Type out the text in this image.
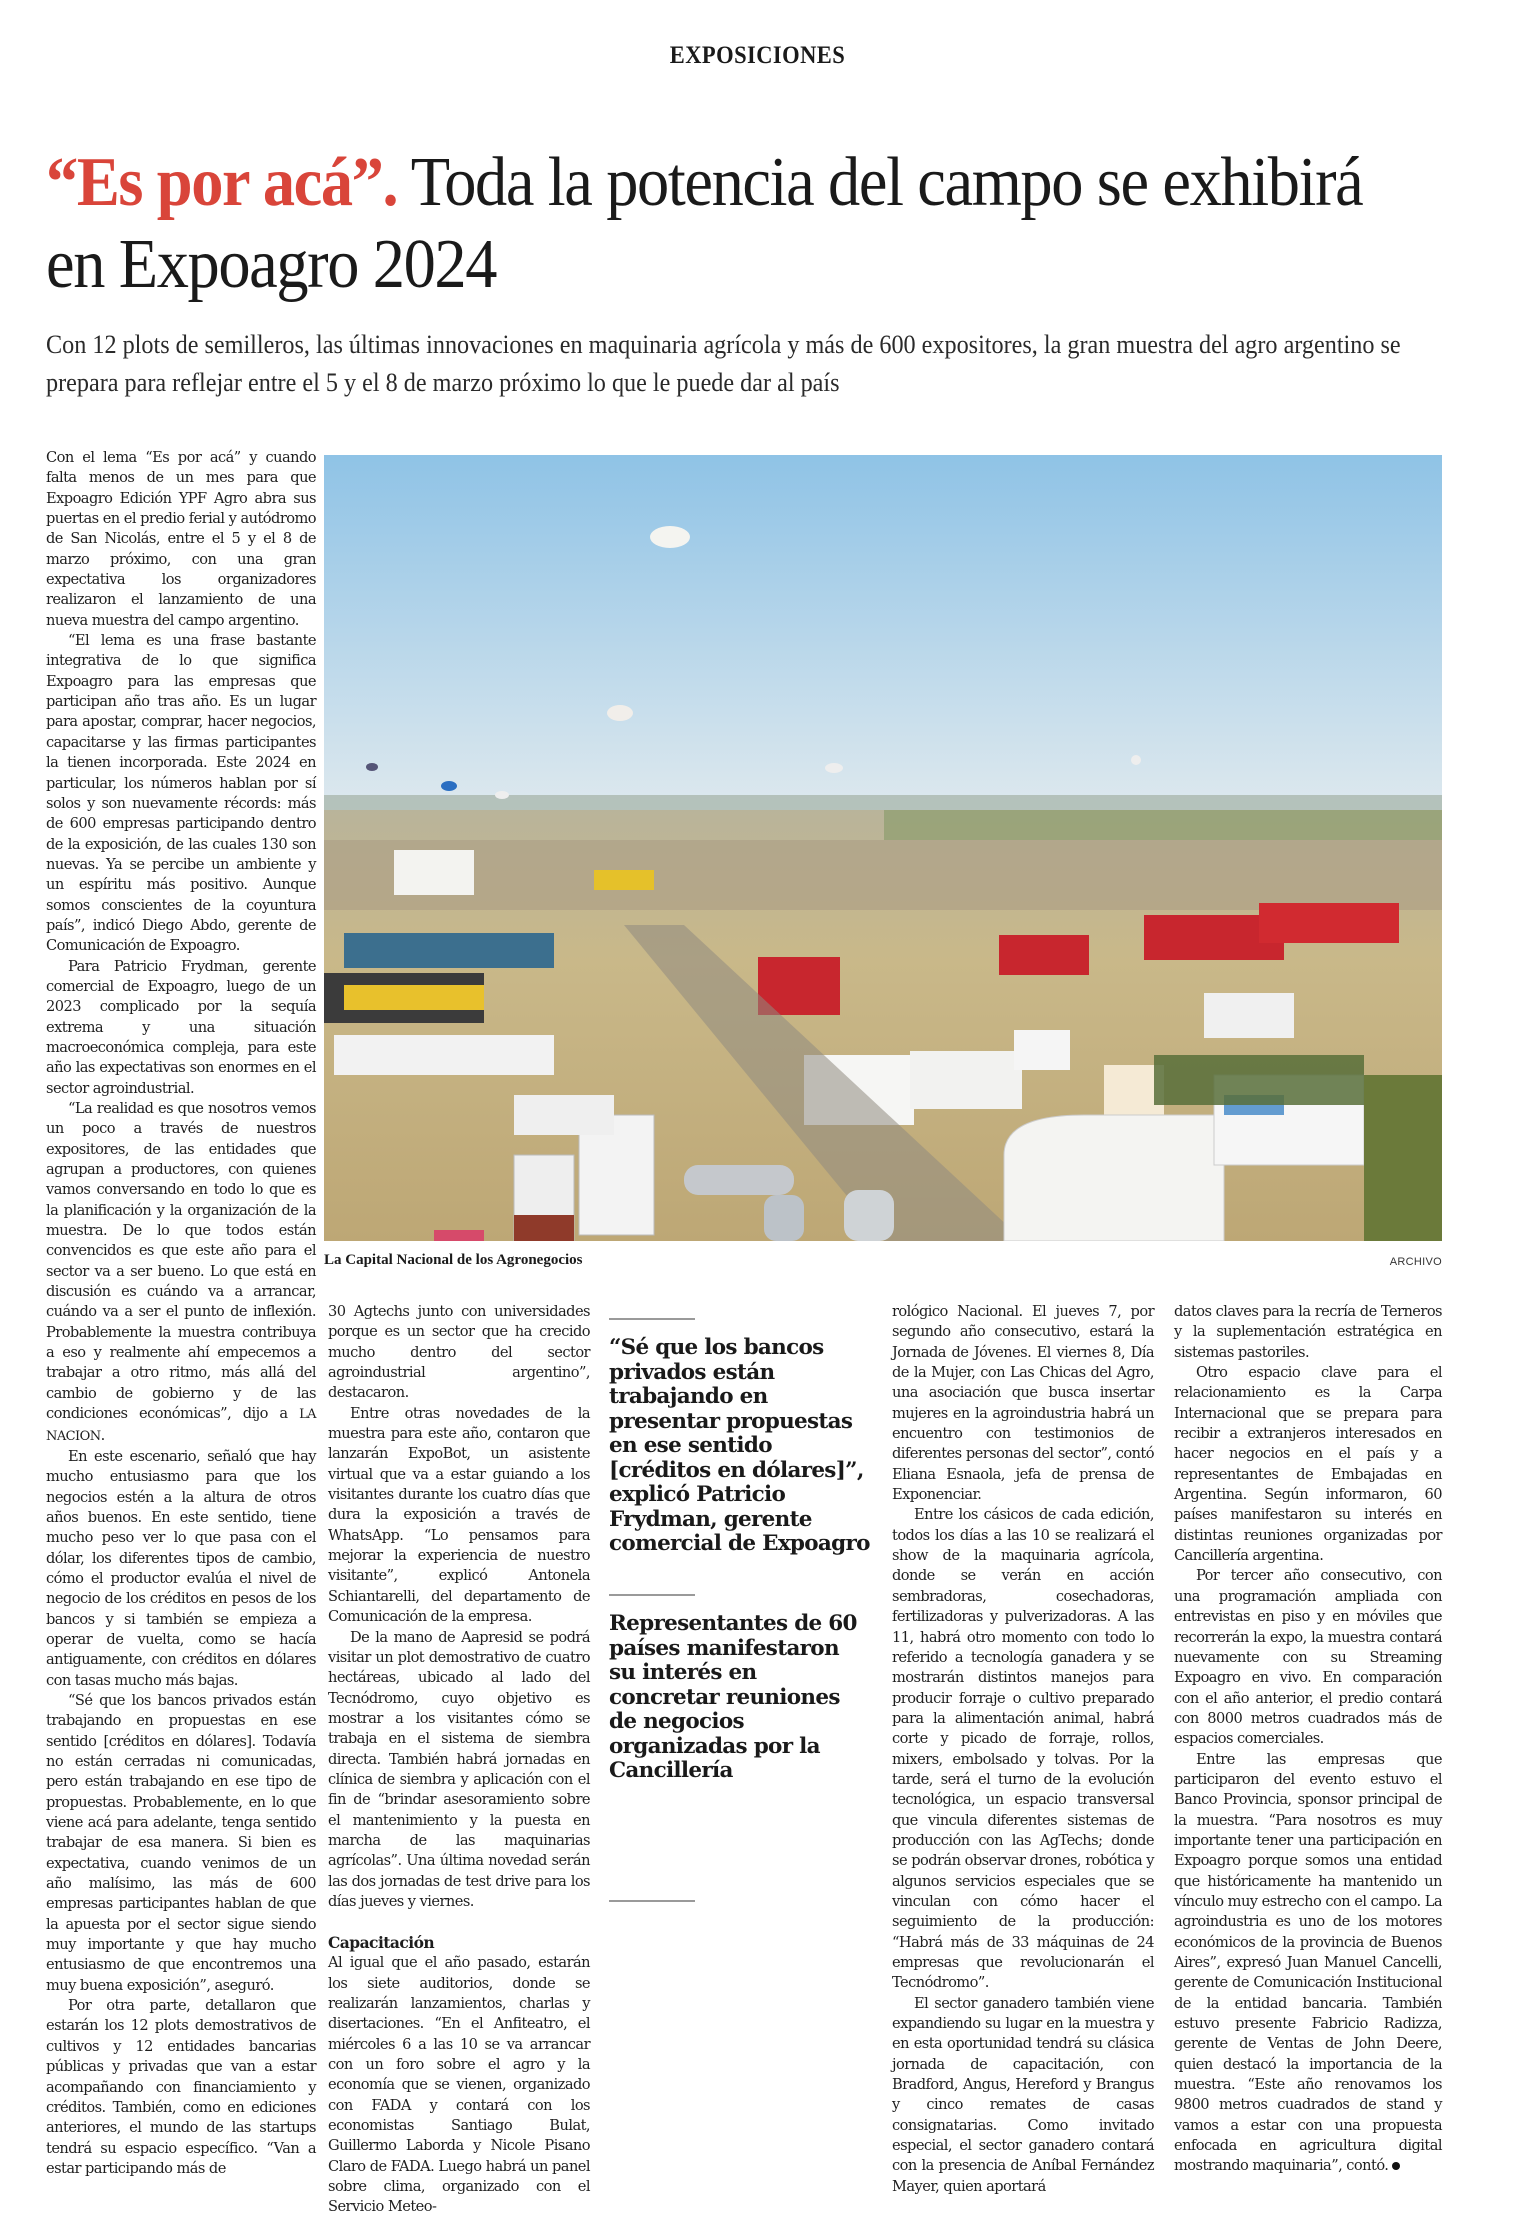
EXPOSICIONES
“Es por acá”. Toda la potencia del campo se exhibirá en Expoagro 2024
Con 12 plots de semilleros, las últimas innovaciones en maquinaria agrícola y más de 600 expositores, la gran muestra del agro argentino se prepara para reflejar entre el 5 y el 8 de marzo próximo lo que le puede dar al país

Con el lema “Es por acá” y cuando falta menos de un mes para que Expoagro Edición YPF Agro abra sus puertas en el predio ferial y autódromo de San Nicolás, entre el 5 y el 8 de marzo próximo, con una gran expectativa los organizadores realizaron el lanzamiento de una nueva muestra del campo argentino.

“El lema es una frase bastante integrativa de lo que significa Expoagro para las empresas que participan año tras año. Es un lugar para apostar, comprar, hacer negocios, capacitarse y las firmas participantes la tienen incorporada. Este 2024 en particular, los números hablan por sí solos y son nuevamente récords: más de 600 empresas participando dentro de la exposición, de las cuales 130 son nuevas. Ya se percibe un ambiente y un espíritu más positivo. Aunque somos conscientes de la coyuntura país”, indicó Diego Abdo, gerente de Comunicación de Expoagro.

Para Patricio Frydman, gerente comercial de Expoagro, luego de un 2023 complicado por la sequía extrema y una situación macroeconómica compleja, para este año las expectativas son enormes en el sector agroindustrial.

“La realidad es que nosotros vemos un poco a través de nuestros expositores, de las entidades que agrupan a productores, con quienes vamos conversando en todo lo que es la planificación y la organización de la muestra. De lo que todos están convencidos es que este año para el sector va a ser bueno. Lo que está en discusión es cuándo va a arrancar, cuándo va a ser el punto de inflexión. Probablemente la muestra contribuya a eso y realmente ahí empecemos a trabajar a otro ritmo, más allá del cambio de gobierno y de las condiciones económicas”, dijo a LA NACION.

En este escenario, señaló que hay mucho entusiasmo para que los negocios estén a la altura de otros años buenos. En este sentido, tiene mucho peso ver lo que pasa con el dólar, los diferentes tipos de cambio, cómo el productor evalúa el nivel de negocio de los créditos en pesos de los bancos y si también se empieza a operar de vuelta, como se hacía antiguamente, con créditos en dólares con tasas mucho más bajas.

“Sé que los bancos privados están trabajando en propuestas en ese sentido [créditos en dólares]. Todavía no están cerradas ni comunicadas, pero están trabajando en ese tipo de propuestas. Probablemente, en lo que viene acá para adelante, tenga sentido trabajar de esa manera. Si bien es expectativa, cuando venimos de un año malísimo, las más de 600 empresas participantes hablan de que la apuesta por el sector sigue siendo muy importante y que hay mucho entusiasmo de que encontremos una muy buena exposición”, aseguró.

Por otra parte, detallaron que estarán los 12 plots demostrativos de cultivos y 12 entidades bancarias públicas y privadas que van a estar acompañando con financiamiento y créditos. También, como en ediciones anteriores, el mundo de las startups tendrá su espacio específico. “Van a estar participando más de

La Capital Nacional de los Agronegocios	ARCHIVO

30 Agtechs junto con universidades porque es un sector que ha crecido mucho dentro del sector agroindustrial argentino”, destacaron.

Entre otras novedades de la muestra para este año, contaron que lanzarán ExpoBot, un asistente virtual que va a estar guiando a los visitantes durante los cuatro días que dura la exposición a través de WhatsApp. “Lo pensamos para mejorar la experiencia de nuestro visitante”, explicó Antonela Schiantarelli, del departamento de Comunicación de la empresa.

De la mano de Aapresid se podrá visitar un plot demostrativo de cuatro hectáreas, ubicado al lado del Tecnódromo, cuyo objetivo es mostrar a los visitantes cómo se trabaja en el sistema de siembra directa. También habrá jornadas en clínica de siembra y aplicación con el fin de “brindar asesoramiento sobre el mantenimiento y la puesta en marcha de las maquinarias agrícolas”. Una última novedad serán las dos jornadas de test drive para los días jueves y viernes.

Capacitación

Al igual que el año pasado, estarán los siete auditorios, donde se realizarán lanzamientos, charlas y disertaciones. “En el Anfiteatro, el miércoles 6 a las 10 se va arrancar con un foro sobre el agro y la economía que se vienen, organizado con FADA y contará con los economistas Santiago Bulat, Guillermo Laborda y Nicole Pisano Claro de FADA. Luego habrá un panel sobre clima, organizado con el Servicio Meteo-

“Sé que los bancos privados están trabajando en presentar propuestas en ese sentido [créditos en dólares]”, explicó Patricio Frydman, gerente comercial de Expoagro
Representantes de 60 países manifestaron su interés en concretar reuniones de negocios organizadas por la Cancillería

rológico Nacional. El jueves 7, por segundo año consecutivo, estará la Jornada de Jóvenes. El viernes 8, Día de la Mujer, con Las Chicas del Agro, una asociación que busca insertar mujeres en la agroindustria habrá un encuentro con testimonios de diferentes personas del sector”, contó Eliana Esnaola, jefa de prensa de Exponenciar.

Entre los cásicos de cada edición, todos los días a las 10 se realizará el show de la maquinaria agrícola, donde se verán en acción sembradoras, cosechadoras, fertilizadoras y pulverizadoras. A las 11, habrá otro momento con todo lo referido a tecnología ganadera y se mostrarán distintos manejos para producir forraje o cultivo preparado para la alimentación animal, habrá corte y picado de forraje, rollos, mixers, embolsado y tolvas. Por la tarde, será el turno de la evolución tecnológica, un espacio transversal que vincula diferentes sistemas de producción con las AgTechs; donde se podrán observar drones, robótica y algunos servicios especiales que se vinculan con cómo hacer el seguimiento de la producción: “Habrá más de 33 máquinas de 24 empresas que revolucionarán el Tecnódromo”.

El sector ganadero también viene expandiendo su lugar en la muestra y en esta oportunidad tendrá su clásica jornada de capacitación, con Bradford, Angus, Hereford y Brangus y cinco remates de casas consignatarias. Como invitado especial, el sector ganadero contará con la presencia de Aníbal Fernández Mayer, quien aportará

datos claves para la recría de Terneros y la suplementación estratégica en sistemas pastoriles.

Otro espacio clave para el relacionamiento es la Carpa Internacional que se prepara para recibir a extranjeros interesados en hacer negocios en el país y a representantes de Embajadas en Argentina. Según informaron, 60 países manifestaron su interés en distintas reuniones organizadas por Cancillería argentina.

Por tercer año consecutivo, con una programación ampliada con entrevistas en piso y en móviles que recorrerán la expo, la muestra contará nuevamente con su Streaming Expoagro en vivo. En comparación con el año anterior, el predio contará con 8000 metros cuadrados más de espacios comerciales.

Entre las empresas que participaron del evento estuvo el Banco Provincia, sponsor principal de la muestra. “Para nosotros es muy importante tener una participación en Expoagro porque somos una entidad que históricamente ha mantenido un vínculo muy estrecho con el campo. La agroindustria es uno de los motores económicos de la provincia de Buenos Aires”, expresó Juan Manuel Cancelli, gerente de Comunicación Institucional de la entidad bancaria. También estuvo presente Fabricio Radizza, gerente de Ventas de John Deere, quien destacó la importancia de la muestra. “Este año renovamos los 9800 metros cuadrados de stand y vamos a estar con una propuesta enfocada en agricultura digital mostrando maquinaria”, contó.
